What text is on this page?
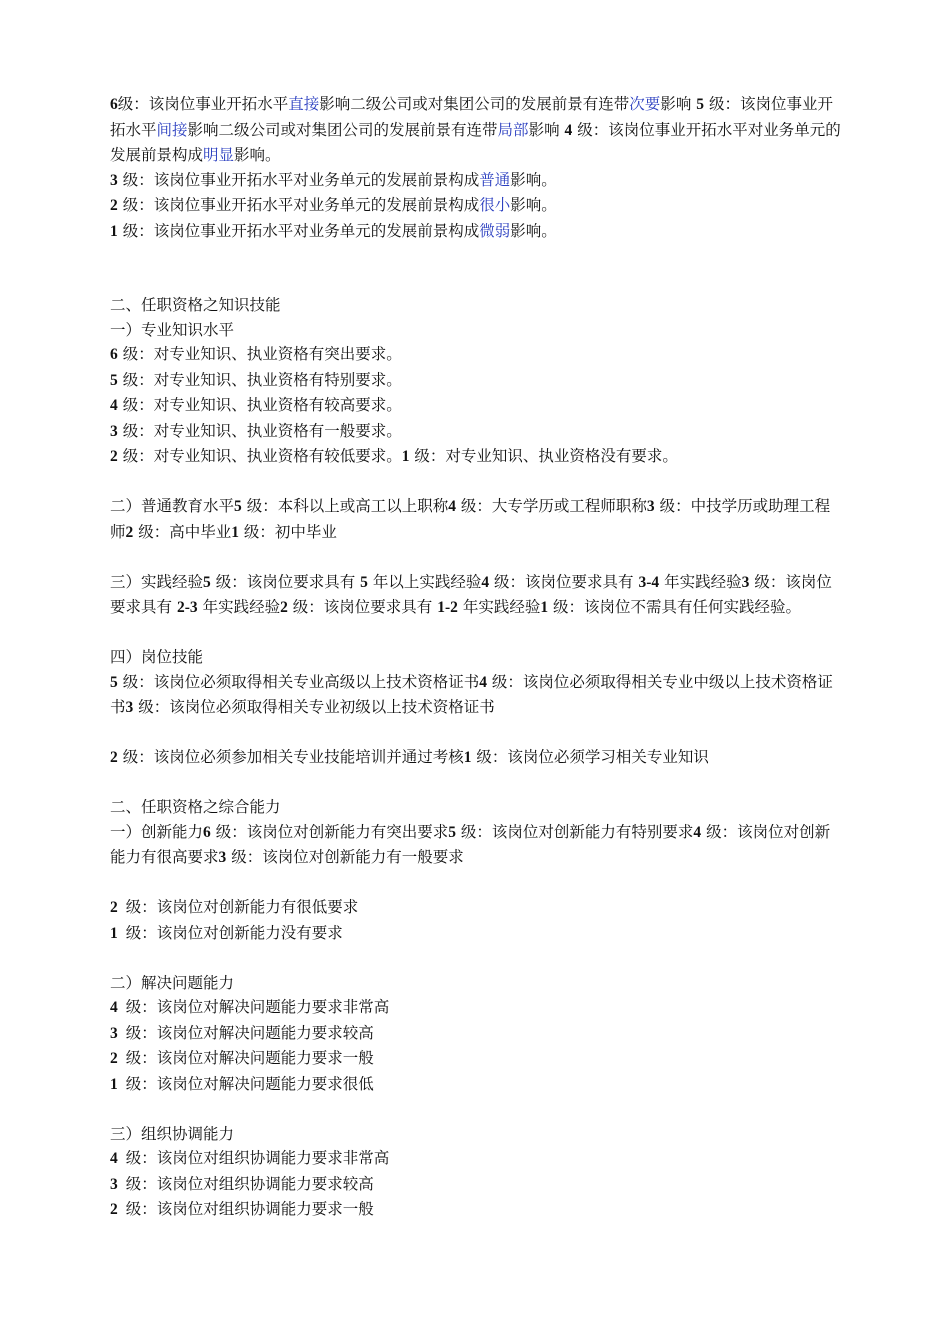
6级：该岗位事业开拓水平直接影响二级公司或对集团公司的发展前景有连带次要影响 5 级：该岗位事业开拓水平间接影响二级公司或对集团公司的发展前景有连带局部影响 4 级：该岗位事业开拓水平对业务单元的发展前景构成明显影响。

3 级：该岗位事业开拓水平对业务单元的发展前景构成普通影响。

2 级：该岗位事业开拓水平对业务单元的发展前景构成很小影响。

1 级：该岗位事业开拓水平对业务单元的发展前景构成微弱影响。

二、任职资格之知识技能

一）专业知识水平

6 级：对专业知识、执业资格有突出要求。

5 级：对专业知识、执业资格有特别要求。

4 级：对专业知识、执业资格有较高要求。

3 级：对专业知识、执业资格有一般要求。

2 级：对专业知识、执业资格有较低要求。1 级：对专业知识、执业资格没有要求。

二）普通教育水平5 级：本科以上或高工以上职称4 级：大专学历或工程师职称3 级：中技学历或助理工程师2 级：高中毕业1 级：初中毕业

三）实践经验5 级：该岗位要求具有 5 年以上实践经验4 级：该岗位要求具有 3-4 年实践经验3 级：该岗位要求具有 2-3 年实践经验2 级：该岗位要求具有 1-2 年实践经验1 级：该岗位不需具有任何实践经验。

四）岗位技能

5 级：该岗位必须取得相关专业高级以上技术资格证书4 级：该岗位必须取得相关专业中级以上技术资格证书3 级：该岗位必须取得相关专业初级以上技术资格证书

2 级：该岗位必须参加相关专业技能培训并通过考核1 级：该岗位必须学习相关专业知识

二、任职资格之综合能力

一）创新能力6 级：该岗位对创新能力有突出要求5 级：该岗位对创新能力有特别要求4 级：该岗位对创新能力有很高要求3 级：该岗位对创新能力有一般要求

2 级：该岗位对创新能力有很低要求

1 级：该岗位对创新能力没有要求

二）解决问题能力

4 级：该岗位对解决问题能力要求非常高

3 级：该岗位对解决问题能力要求较高

2 级：该岗位对解决问题能力要求一般

1 级：该岗位对解决问题能力要求很低

三）组织协调能力

4 级：该岗位对组织协调能力要求非常高

3 级：该岗位对组织协调能力要求较高

2 级：该岗位对组织协调能力要求一般
